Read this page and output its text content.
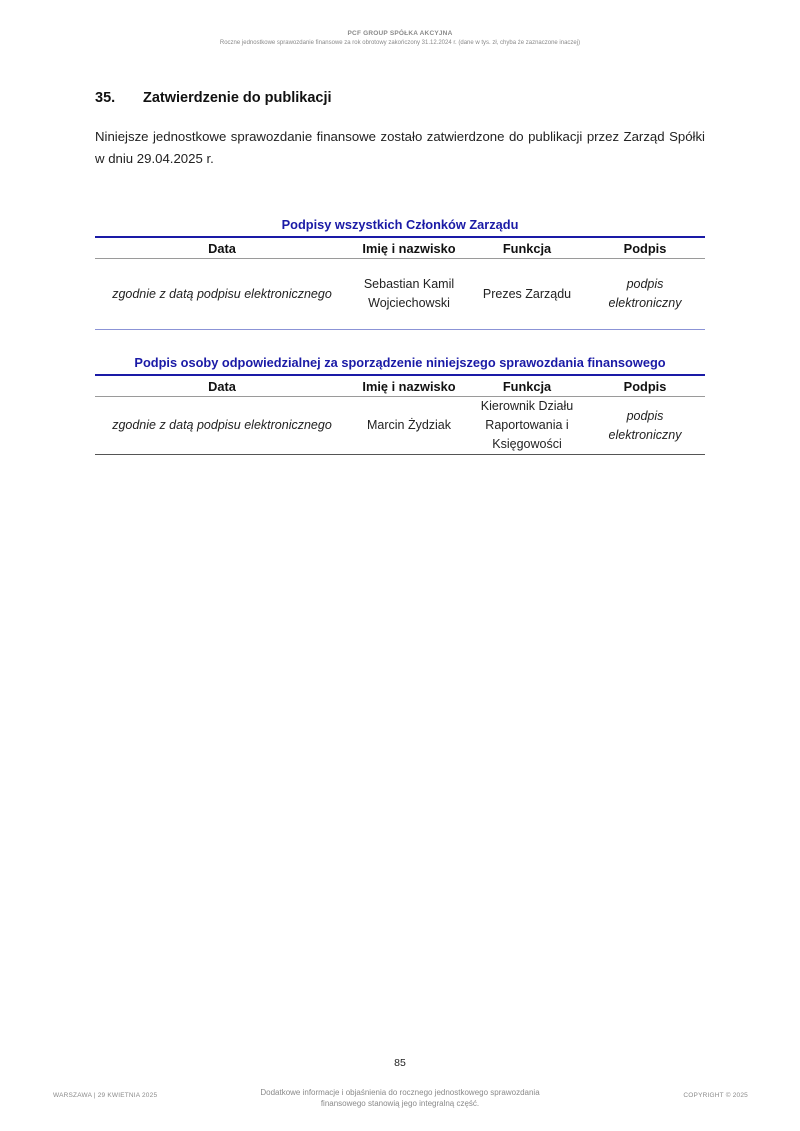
PCF GROUP SPÓŁKA AKCYJNA
Roczne jednostkowe sprawozdanie finansowe za rok obrotowy zakończony 31.12.2024 r. (dane w tys. zł, chyba że zaznaczone inaczej)
35.	Zatwierdzenie do publikacji
Niniejsze jednostkowe sprawozdanie finansowe zostało zatwierdzone do publikacji przez Zarząd Spółki w dniu 29.04.2025 r.
Podpisy wszystkich Członków Zarządu
Data	Imię i nazwisko	Funkcja	Podpis
zgodnie z datą podpisu elektronicznego	Sebastian Kamil Wojciechowski	Prezes Zarządu	podpis elektroniczny
Podpis osoby odpowiedzialnej za sporządzenie niniejszego sprawozdania finansowego
Data	Imię i nazwisko	Funkcja	Podpis
zgodnie z datą podpisu elektronicznego	Marcin Żydziak	Kierownik Działu Raportowania i Księgowości	podpis elektroniczny
85
WARSZAWA | 29 KWIETNIA 2025	Dodatkowe informacje i objaśnienia do rocznego jednostkowego sprawozdania finansowego stanowią jego integralną część.
COPYRIGHT © 2025
